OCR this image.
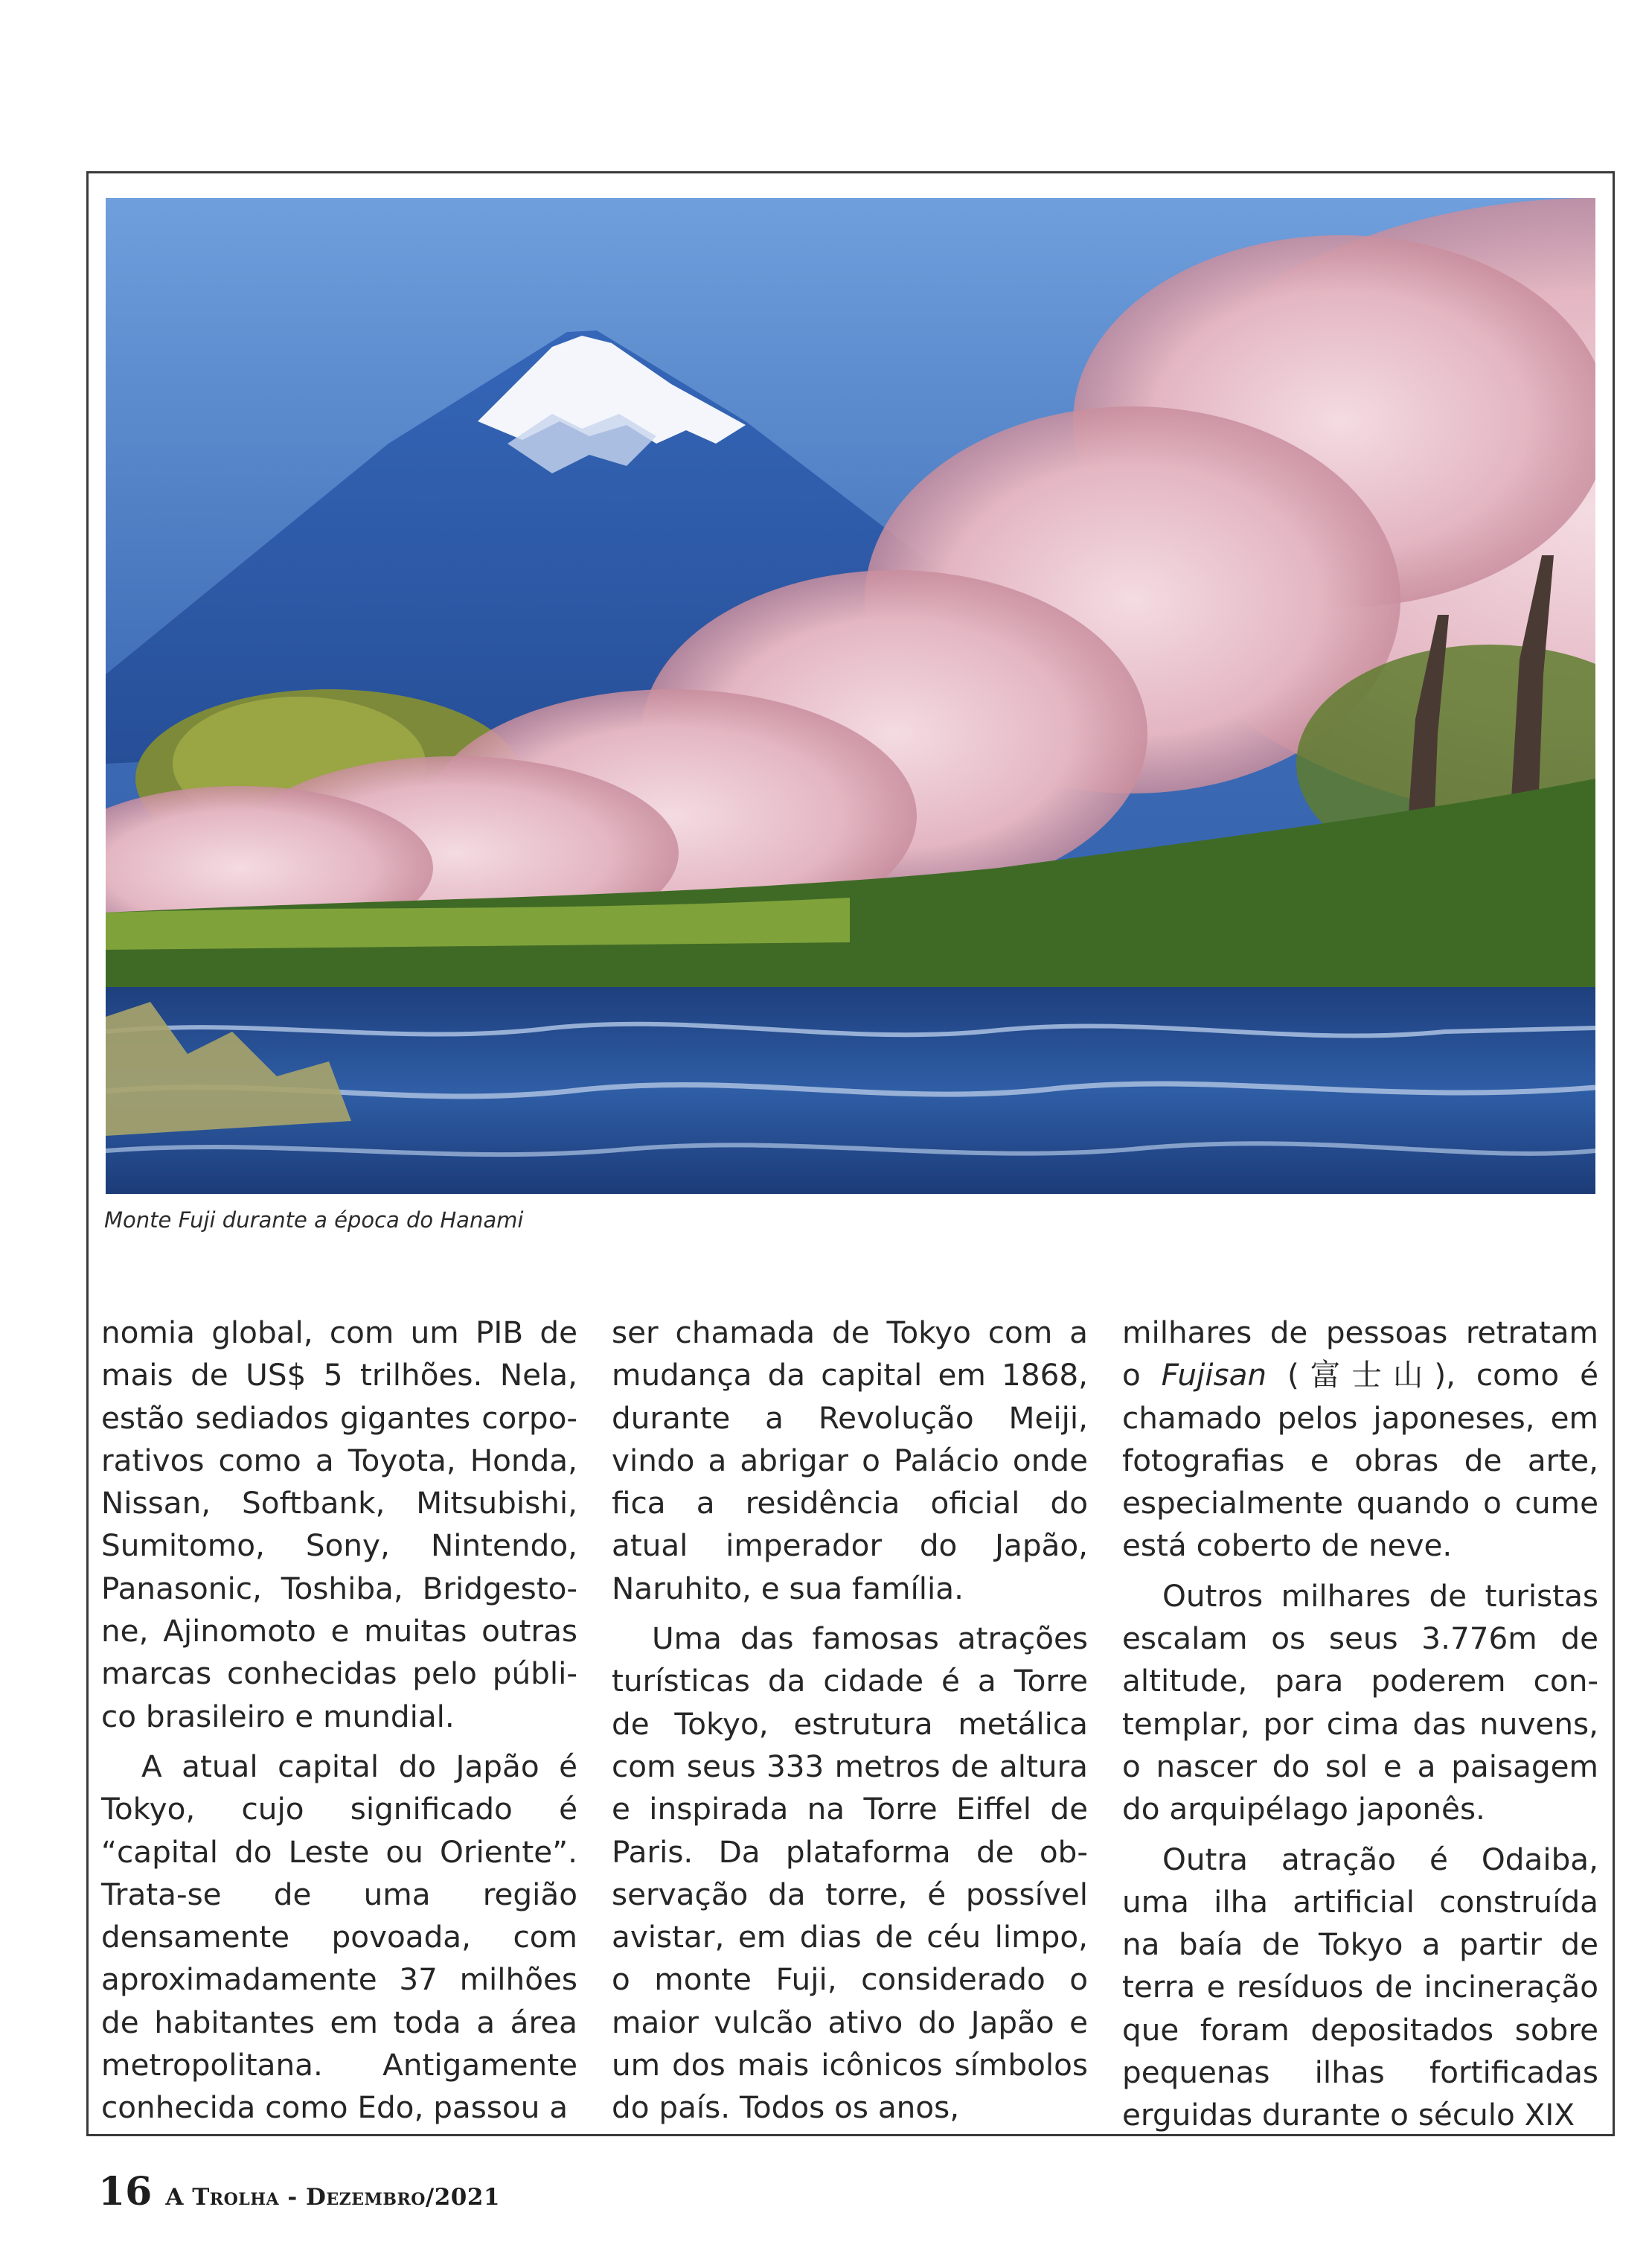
Monte Fuji durante a época do Hanami

nomia global, com um PIB de mais de US$ 5 trilhões. Nela, estão sediados gigantes corporativos como a Toyota, Honda, Nissan, Softbank, Mitsubishi, Sumitomo, Sony, Nintendo, Panasonic, Toshiba, Bridgestone, Ajinomoto e muitas outras marcas conhecidas pelo público brasileiro e mundial.

A atual capital do Japão é Tokyo, cujo significado é “capital do Leste ou Oriente”. Trata-se de uma região densamente povoada, com aproximadamente 37 milhões de habitantes em toda a área metropolitana. Antigamente conhecida como Edo, passou a

ser chamada de Tokyo com a mudança da capital em 1868, durante a Revolução Meiji, vindo a abrigar o Palácio onde fica a residência oficial do atual imperador do Japão, Naruhito, e sua família.

Uma das famosas atrações turísticas da cidade é a Torre de Tokyo, estrutura metálica com seus 333 metros de altura e inspirada na Torre Eiffel de Paris. Da plataforma de observação da torre, é possível avistar, em dias de céu limpo, o monte Fuji, considerado o maior vulcão ativo do Japão e um dos mais icônicos símbolos do país. Todos os anos,

milhares de pessoas retratam o Fujisan (富士山), como é chamado pelos japoneses, em fotografias e obras de arte, especialmente quando o cume está coberto de neve.

Outros milhares de turistas escalam os seus 3.776m de altitude, para poderem contemplar, por cima das nuvens, o nascer do sol e a paisagem do arquipélago japonês.

Outra atração é Odaiba, uma ilha artificial construída na baía de Tokyo a partir de terra e resíduos de incineração que foram depositados sobre pequenas ilhas fortificadas erguidas durante o século XIX

16 A Trolha - Dezembro/2021
